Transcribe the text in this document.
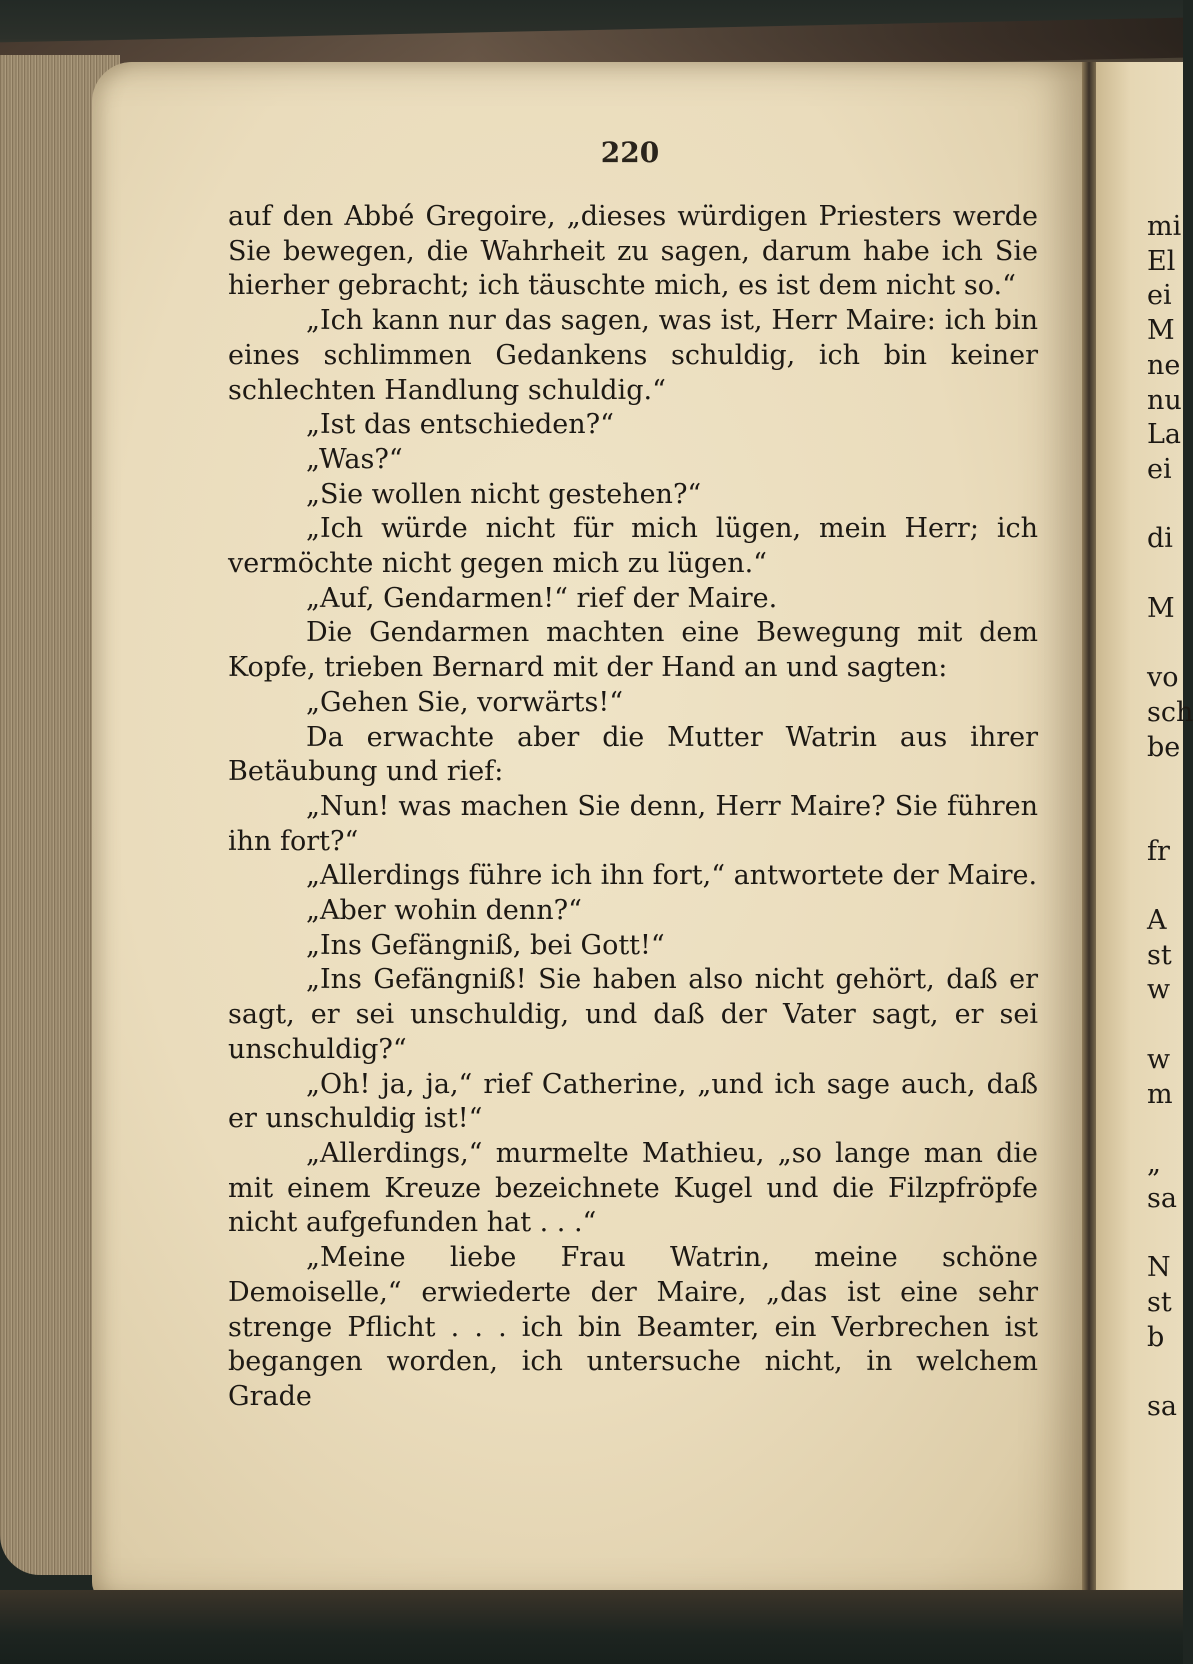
220

auf den Abbé Gregoire, „dieses würdigen Priesters werde Sie bewegen, die Wahrheit zu sagen, darum habe ich Sie hierher gebracht; ich täuschte mich, es ist dem nicht so.“

„Ich kann nur das sagen, was ist, Herr Maire: ich bin eines schlimmen Gedankens schuldig, ich bin keiner schlechten Handlung schuldig.“

„Ist das entschieden?“

„Was?“

„Sie wollen nicht gestehen?“

„Ich würde nicht für mich lügen, mein Herr; ich vermöchte nicht gegen mich zu lügen.“

„Auf, Gendarmen!“ rief der Maire.

Die Gendarmen machten eine Bewegung mit dem Kopfe, trieben Bernard mit der Hand an und sagten:

„Gehen Sie, vorwärts!“

Da erwachte aber die Mutter Watrin aus ihrer Betäubung und rief:

„Nun! was machen Sie denn, Herr Maire? Sie führen ihn fort?“

„Allerdings führe ich ihn fort,“ antwortete der Maire.

„Aber wohin denn?“

„Ins Gefängniß, bei Gott!“

„Ins Gefängniß! Sie haben also nicht gehört, daß er sagt, er sei unschuldig, und daß der Vater sagt, er sei unschuldig?“

„Oh! ja, ja,“ rief Catherine, „und ich sage auch, daß er unschuldig ist!“

„Allerdings,“ murmelte Mathieu, „so lange man die mit einem Kreuze bezeichnete Kugel und die Filzpfröpfe nicht aufgefunden hat . . .“

„Meine liebe Frau Watrin, meine schöne Demoiselle,“ erwiederte der Maire, „das ist eine sehr strenge Pflicht . . . ich bin Beamter, ein Verbrechen ist begangen worden, ich untersuche nicht, in welchem Grade

mi
El
ei
M
ne
nu
La
ei

di

M

vo
sch
be

fr

A
st
w

w
m

„
sa

N
st
b

sa
